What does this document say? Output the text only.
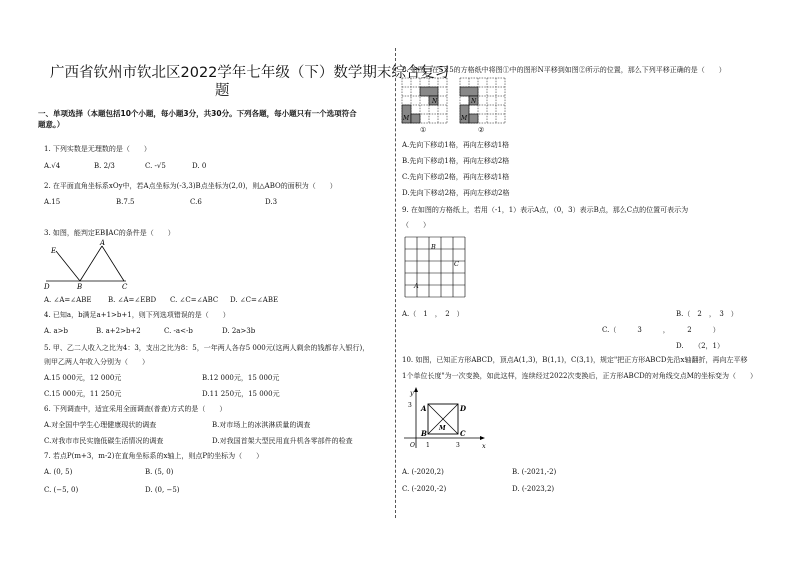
广西省钦州市钦北区2022学年七年级（下）数学期末综合复习
题
一、单项选择（本题包括10个小题，每小题3分，共30分。下列各题，每小题只有一个选项符合
题意。）
1. 下列实数是无理数的是（　　）
A.√4	B. 2/3	C. -√5	D. 0
2. 在平面直角坐标系xOy中，若A点坐标为(-3,3)B点坐标为(2,0)，则△ABO的面积为（　　）
A.15	B.7.5	C.6	D.3
3. 如图，能判定EB∥AC的条件是（　　）
E
A
D	B	C
A. ∠A=∠ABE B. ∠A=∠EBD C. ∠C=∠ABC D. ∠C=∠ABE
4. 已知a，b满足a+1>b+1，则下列选项错误的是（　　）
A. a>b	B. a+2>b+2	C. -a<-b	D. 2a>3b
5. 甲、乙二人收入之比为4：3，支出之比为8：5，一年两人各存5 000元(这两人剩余的钱都存入银行)，
则甲乙两人年收入分别为（　　）
A.15 000元，12 000元	B.12 000元，15 000元
C.15 000元，11 250元	D.11 250元，15 000元
6. 下列调查中，适宜采用全面调查(普查)方式的是（　　）
A.对全国中学生心理健康现状的调查	B.对市场上的冰淇淋质量的调查
C.对我市市民实施低碳生活情况的调查	D.对我国首架大型民用直升机各零部件的检查
7. 若点P(m+3，m-2)在直角坐标系的x轴上，则点P的坐标为（　　）
A. (0, 5)	B. (5, 0)
C. (−5, 0)	D. (0, −5)
8. 如图，在5×5的方格纸中将图①中的图形N平移到如图②所示的位置，那么下列平移正确的是（　　）
N
M
①
N
M
②
A.先向下移动1格，再向左移动1格
B.先向下移动1格，再向左移动2格
C.先向下移动2格，再向左移动1格
D.先向下移动2格，再向左移动2格
9. 在如图的方格纸上，若用（-1，1）表示A点，（0，3）表示B点，那么C点的位置可表示为
（　　）
B
C
A
A.（　1　，　2　）	B.（　2　，　3　）
C.（　　　3　　　，　　　2　　　）
D.　　（2，1）
10. 如图，已知正方形ABCD，顶点A(1,3)，B(1,1)，C(3,1)，规定"把正方形ABCD先沿x轴翻折，再向左平移
1个单位长度"为一次变换，如此这样，连续经过2022次变换后，正方形ABCD的对角线交点M的坐标变为（　　）
y
x
A	D
B	C
M
O 1	3
3
A. (-2020,2)	B. (-2021,-2)
C. (-2020,-2)	D. (-2023,2)
